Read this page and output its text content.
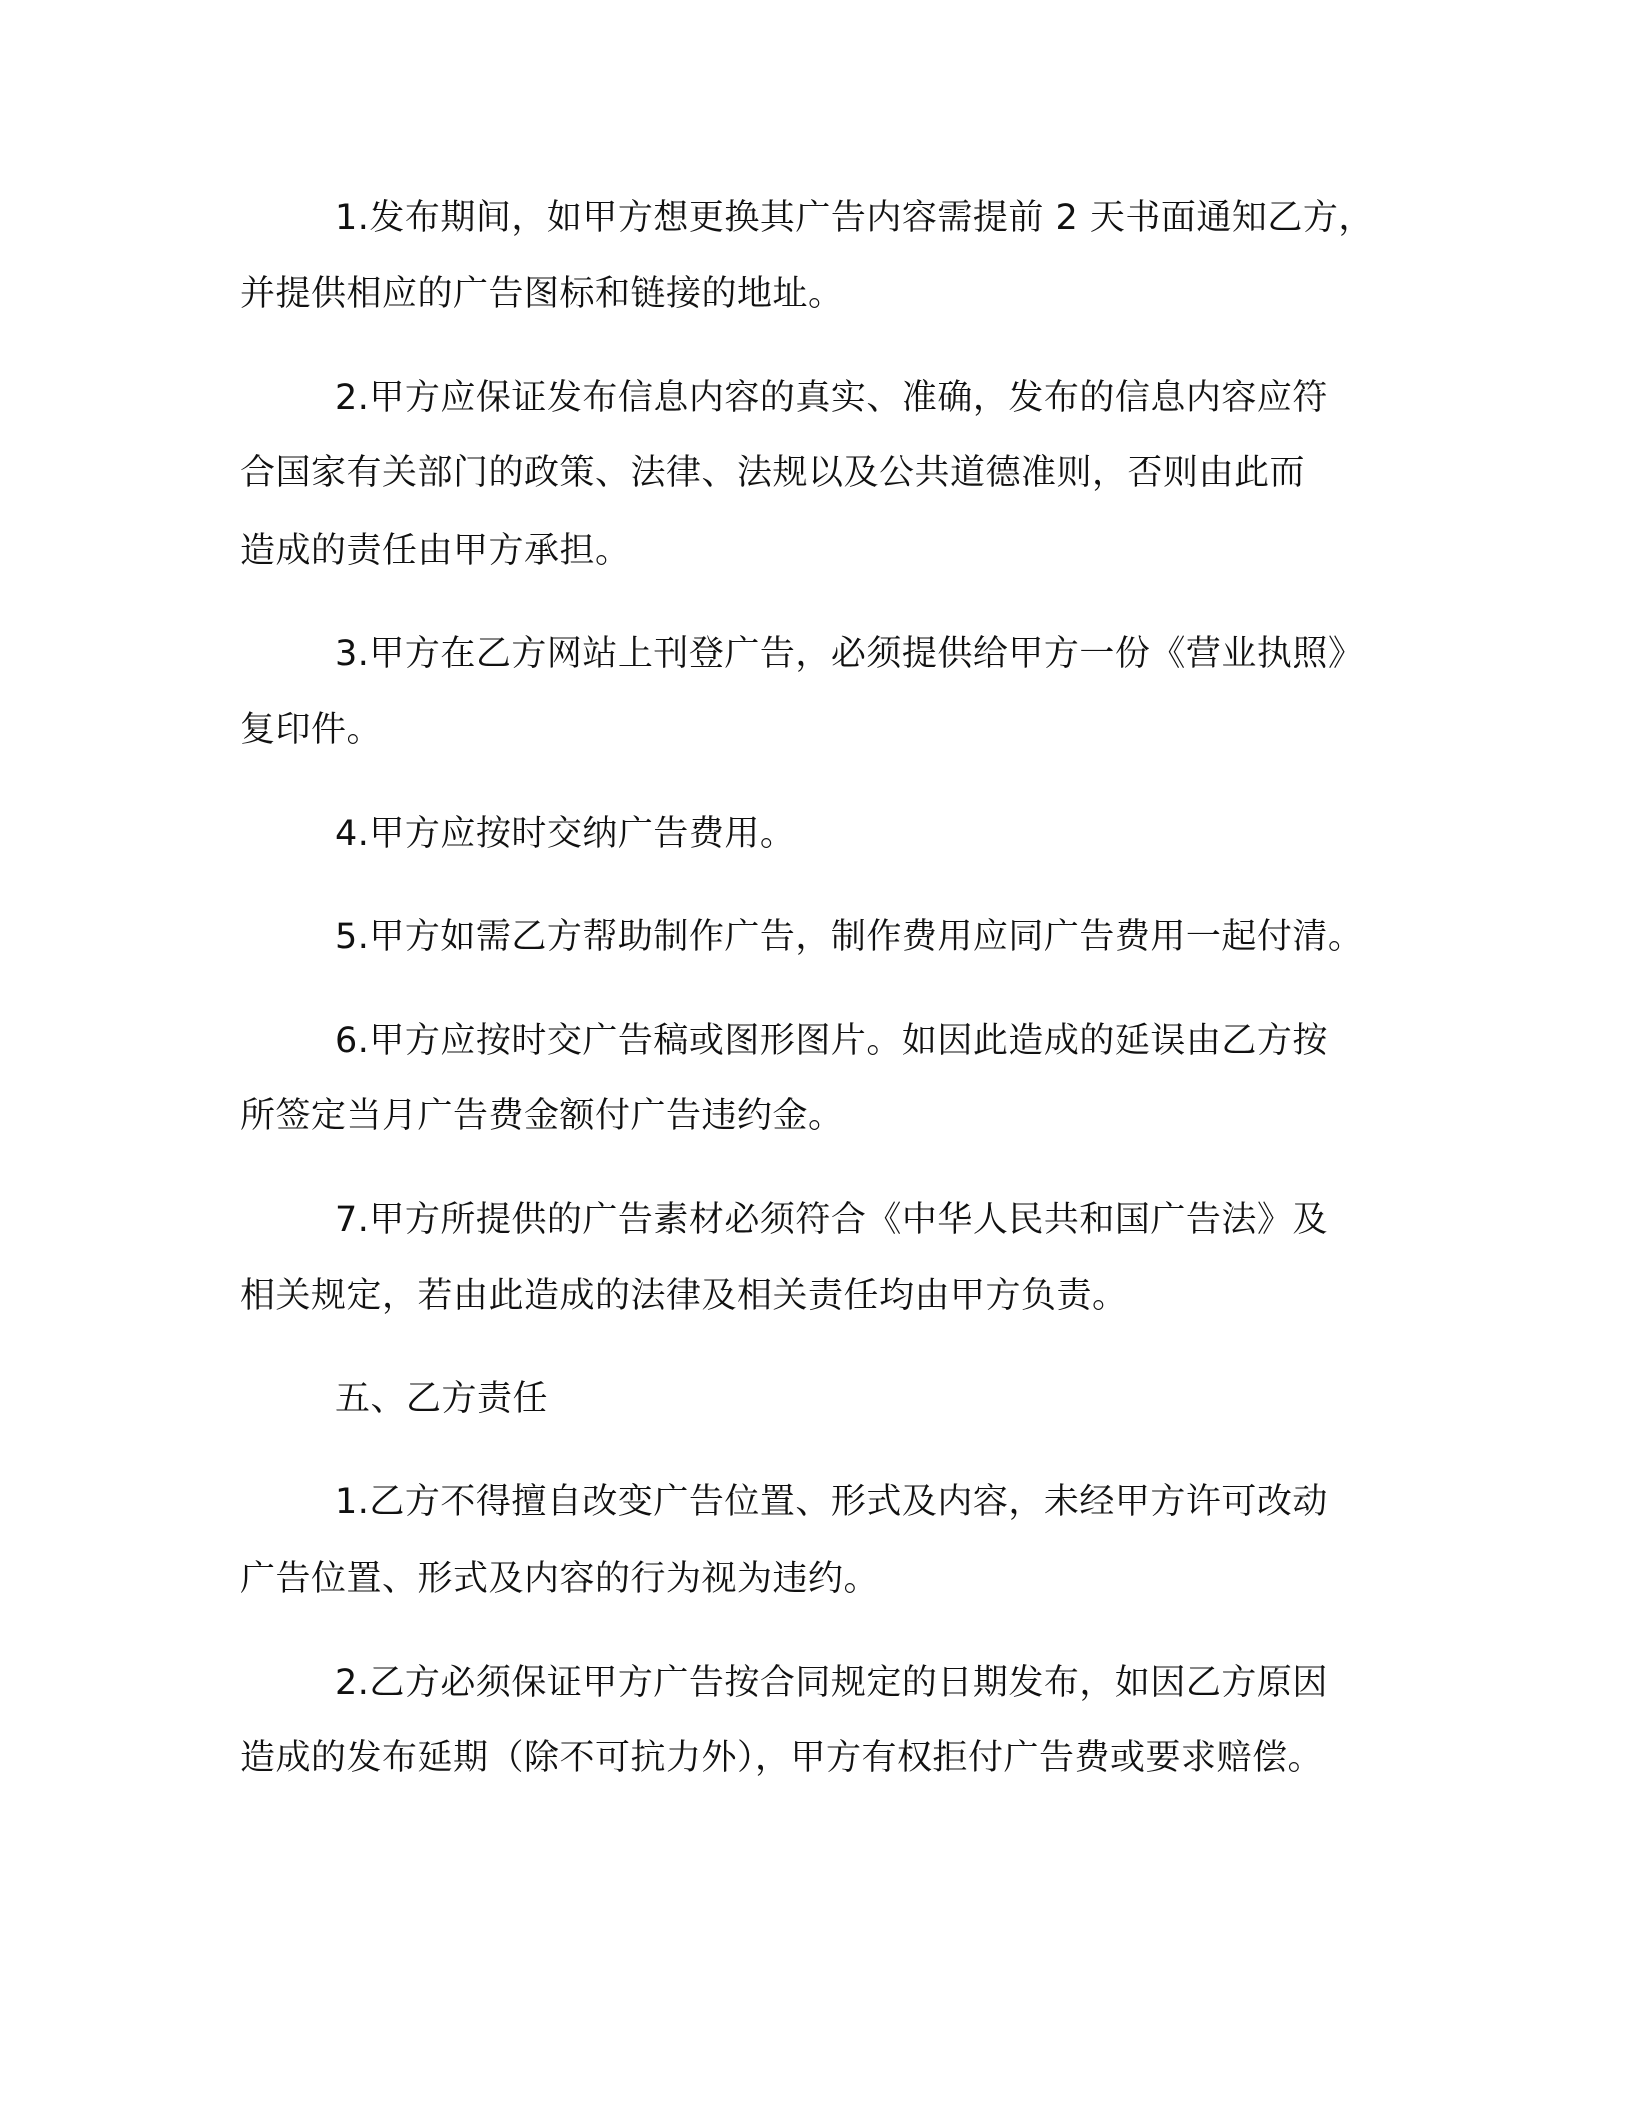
1.发布期间，如甲方想更换其广告内容需提前 2 天书面通知乙方，

并提供相应的广告图标和链接的地址。

2.甲方应保证发布信息内容的真实、准确，发布的信息内容应符

合国家有关部门的政策、法律、法规以及公共道德准则，否则由此而

造成的责任由甲方承担。

3.甲方在乙方网站上刊登广告，必须提供给甲方一份《营业执照》

复印件。

4.甲方应按时交纳广告费用。

5.甲方如需乙方帮助制作广告，制作费用应同广告费用一起付清。

6.甲方应按时交广告稿或图形图片。如因此造成的延误由乙方按

所签定当月广告费金额付广告违约金。

7.甲方所提供的广告素材必须符合《中华人民共和国广告法》及

相关规定，若由此造成的法律及相关责任均由甲方负责。

五、乙方责任

1.乙方不得擅自改变广告位置、形式及内容，未经甲方许可改动

广告位置、形式及内容的行为视为违约。

2.乙方必须保证甲方广告按合同规定的日期发布，如因乙方原因

造成的发布延期（除不可抗力外），甲方有权拒付广告费或要求赔偿。
